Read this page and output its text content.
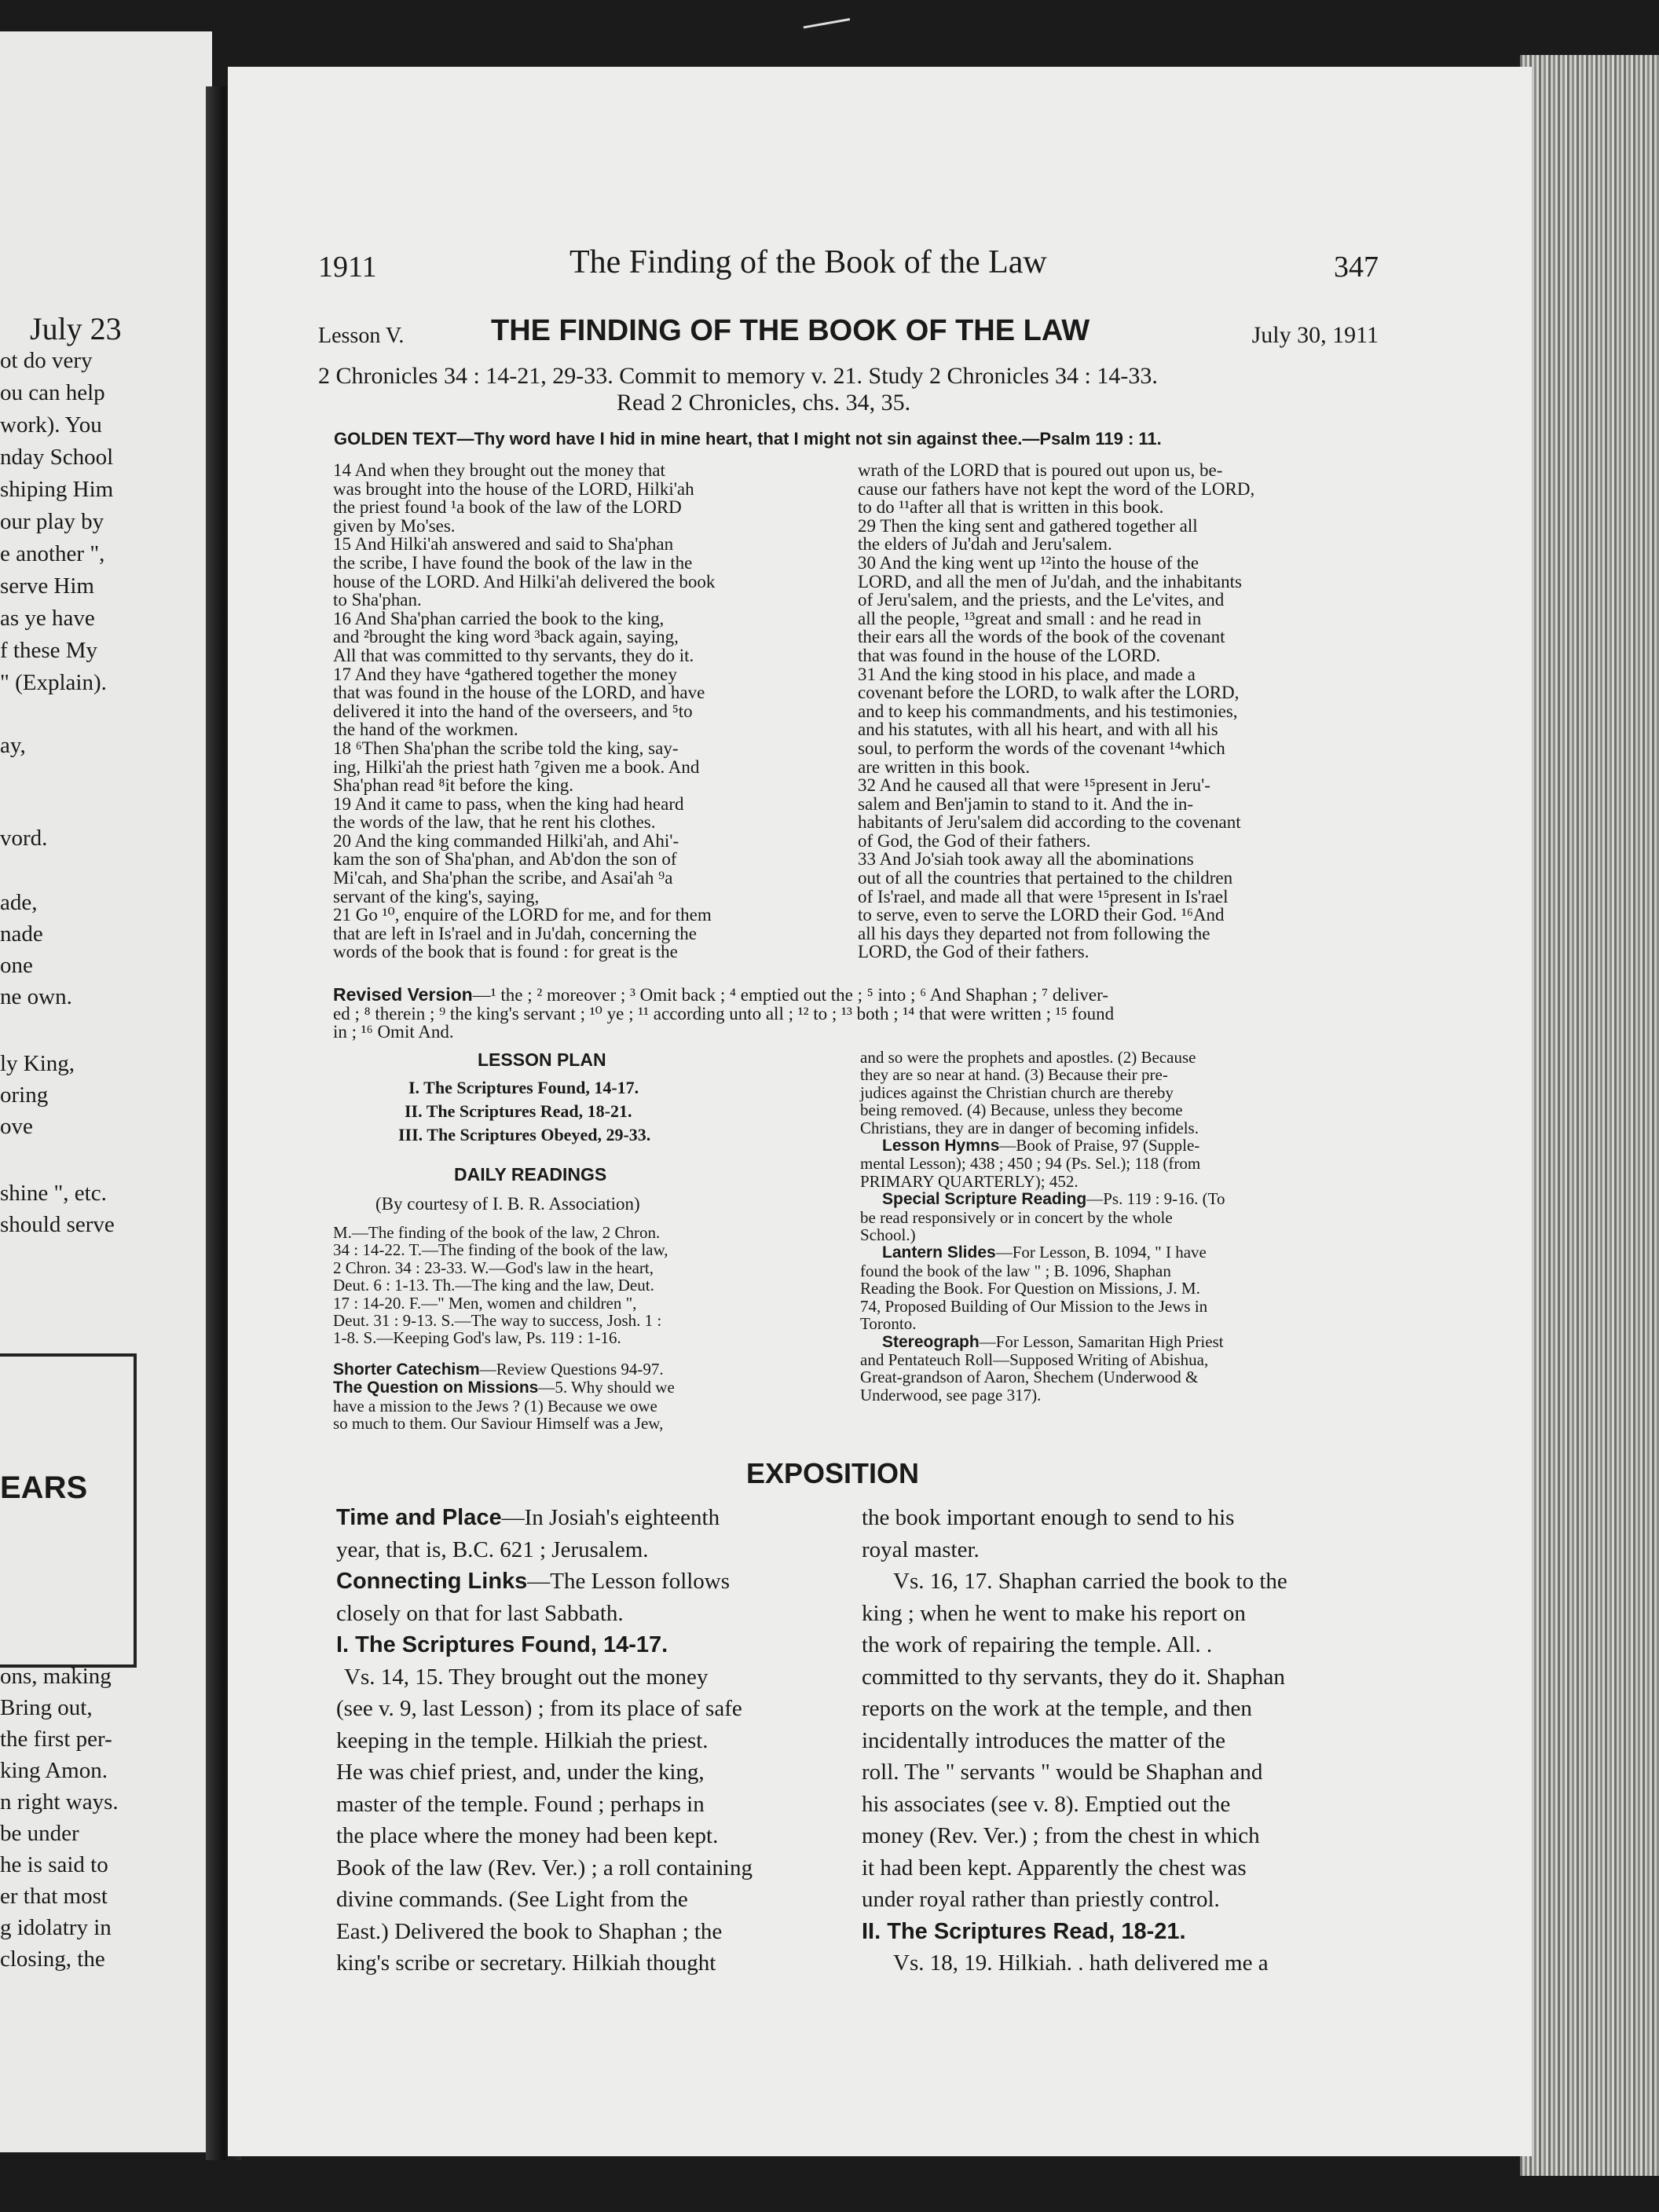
July 23
ot do very
ou can help
work). You
nday School
shiping Him
our play by
e another ",
serve Him
as ye have
f these My
" (Explain).
ay,
vord.
ade,
nade
one
ne own.
ly King,
oring
ove
shine ", etc.
should serve
ons, making
Bring out,
the first per-
king Amon.
n right ways.
be under
he is said to
er that most
g idolatry in
closing, the
EARS
1911	The Finding of the Book of the Law	347
Lesson V.	THE FINDING OF THE BOOK OF THE LAW	July 30, 1911
2 Chronicles 34 : 14-21, 29-33. Commit to memory v. 21. Study 2 Chronicles 34 : 14-33.
Read 2 Chronicles, chs. 34, 35.
GOLDEN TEXT—Thy word have I hid in mine heart, that I might not sin against thee.—Psalm 119 : 11.
14 And when they brought out the money that
was brought into the house of the LORD, Hilki'ah
the priest found ¹a book of the law of the LORD
given by Mo'ses.
15 And Hilki'ah answered and said to Sha'phan
the scribe, I have found the book of the law in the
house of the LORD. And Hilki'ah delivered the book
to Sha'phan.
16 And Sha'phan carried the book to the king,
and ²brought the king word ³back again, saying,
All that was committed to thy servants, they do it.
17 And they have ⁴gathered together the money
that was found in the house of the LORD, and have
delivered it into the hand of the overseers, and ⁵to
the hand of the workmen.
18 ⁶Then Sha'phan the scribe told the king, say-
ing, Hilki'ah the priest hath ⁷given me a book. And
Sha'phan read ⁸it before the king.
19 And it came to pass, when the king had heard
the words of the law, that he rent his clothes.
20 And the king commanded Hilki'ah, and Ahi'-
kam the son of Sha'phan, and Ab'don the son of
Mi'cah, and Sha'phan the scribe, and Asai'ah ⁹a
servant of the king's, saying,
21 Go ¹⁰, enquire of the LORD for me, and for them
that are left in Is'rael and in Ju'dah, concerning the
words of the book that is found : for great is the
wrath of the LORD that is poured out upon us, be-
cause our fathers have not kept the word of the LORD,
to do ¹¹after all that is written in this book.
29 Then the king sent and gathered together all
the elders of Ju'dah and Jeru'salem.
30 And the king went up ¹²into the house of the
LORD, and all the men of Ju'dah, and the inhabitants
of Jeru'salem, and the priests, and the Le'vites, and
all the people, ¹³great and small : and he read in
their ears all the words of the book of the covenant
that was found in the house of the LORD.
31 And the king stood in his place, and made a
covenant before the LORD, to walk after the LORD,
and to keep his commandments, and his testimonies,
and his statutes, with all his heart, and with all his
soul, to perform the words of the covenant ¹⁴which
are written in this book.
32 And he caused all that were ¹⁵present in Jeru'-
salem and Ben'jamin to stand to it. And the in-
habitants of Jeru'salem did according to the covenant
of God, the God of their fathers.
33 And Jo'siah took away all the abominations
out of all the countries that pertained to the children
of Is'rael, and made all that were ¹⁵present in Is'rael
to serve, even to serve the LORD their God. ¹⁶And
all his days they departed not from following the
LORD, the God of their fathers.
Revised Version—¹ the ; ² moreover ; ³ Omit back ; ⁴ emptied out the ; ⁵ into ; ⁶ And Shaphan ; ⁷ deliver-
ed ; ⁸ therein ; ⁹ the king's servant ; ¹⁰ ye ; ¹¹ according unto all ; ¹² to ; ¹³ both ; ¹⁴ that were written ; ¹⁵ found
in ; ¹⁶ Omit And.
LESSON PLAN
I. The Scriptures Found, 14-17.
II. The Scriptures Read, 18-21.
III. The Scriptures Obeyed, 29-33.
DAILY READINGS
(By courtesy of I. B. R. Association)
M.—The finding of the book of the law, 2 Chron.
34 : 14-22. T.—The finding of the book of the law,
2 Chron. 34 : 23-33. W.—God's law in the heart,
Deut. 6 : 1-13. Th.—The king and the law, Deut.
17 : 14-20. F.—" Men, women and children ",
Deut. 31 : 9-13. S.—The way to success, Josh. 1 :
1-8. S.—Keeping God's law, Ps. 119 : 1-16.
Shorter Catechism—Review Questions 94-97.
The Question on Missions—5. Why should we
have a mission to the Jews ? (1) Because we owe
so much to them. Our Saviour Himself was a Jew,
and so were the prophets and apostles. (2) Because
they are so near at hand. (3) Because their pre-
judices against the Christian church are thereby
being removed. (4) Because, unless they become
Christians, they are in danger of becoming infidels.
Lesson Hymns—Book of Praise, 97 (Supple-
mental Lesson); 438 ; 450 ; 94 (Ps. Sel.); 118 (from
PRIMARY QUARTERLY); 452.
Special Scripture Reading—Ps. 119 : 9-16. (To
be read responsively or in concert by the whole
School.)
Lantern Slides—For Lesson, B. 1094, " I have
found the book of the law " ; B. 1096, Shaphan
Reading the Book. For Question on Missions, J. M.
74, Proposed Building of Our Mission to the Jews in
Toronto.
Stereograph—For Lesson, Samaritan High Priest
and Pentateuch Roll—Supposed Writing of Abishua,
Great-grandson of Aaron, Shechem (Underwood &
Underwood, see page 317).
EXPOSITION
Time and Place—In Josiah's eighteenth
year, that is, B.C. 621 ; Jerusalem.
Connecting Links—The Lesson follows
closely on that for last Sabbath.
I. The Scriptures Found, 14-17.
Vs. 14, 15. They brought out the money
(see v. 9, last Lesson) ; from its place of safe
keeping in the temple. Hilkiah the priest.
He was chief priest, and, under the king,
master of the temple. Found ; perhaps in
the place where the money had been kept.
Book of the law (Rev. Ver.) ; a roll containing
divine commands. (See Light from the
East.) Delivered the book to Shaphan ; the
king's scribe or secretary. Hilkiah thought
the book important enough to send to his
royal master.
Vs. 16, 17. Shaphan carried the book to the
king ; when he went to make his report on
the work of repairing the temple. All. .
committed to thy servants, they do it. Shaphan
reports on the work at the temple, and then
incidentally introduces the matter of the
roll. The " servants " would be Shaphan and
his associates (see v. 8). Emptied out the
money (Rev. Ver.) ; from the chest in which
it had been kept. Apparently the chest was
under royal rather than priestly control.
II. The Scriptures Read, 18-21.
Vs. 18, 19. Hilkiah. . hath delivered me a
